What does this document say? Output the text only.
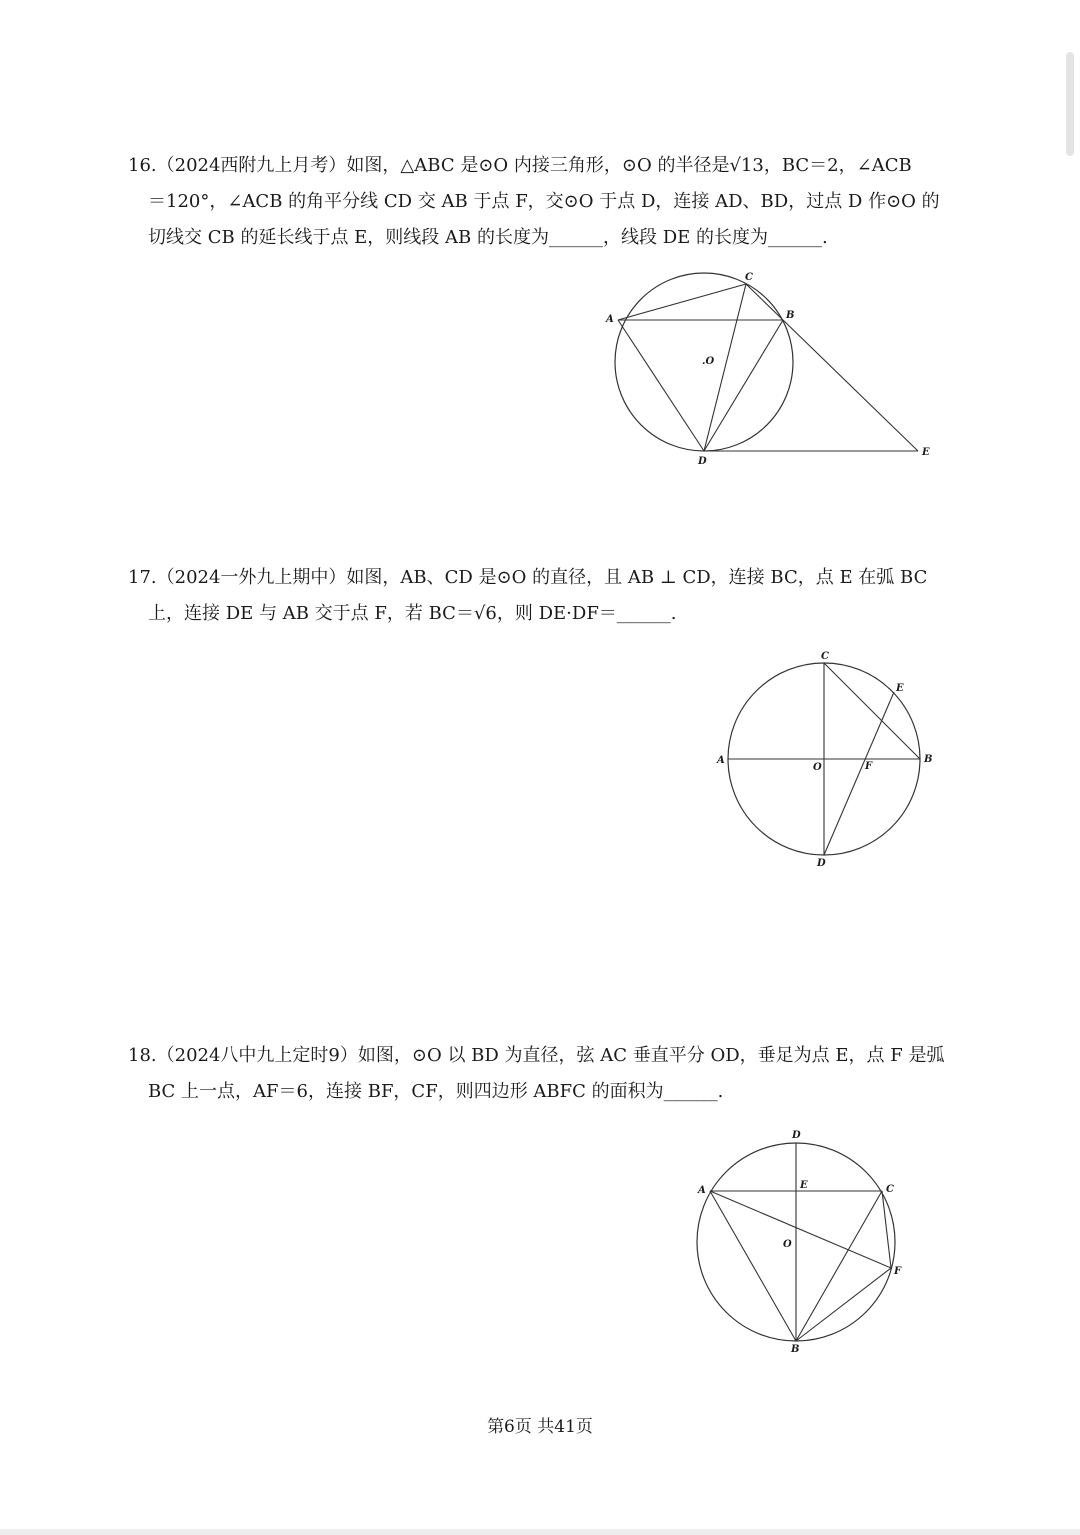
16.（2024西附九上月考）如图，△ABC 是⊙O 内接三角形，⊙O 的半径是√13，BC＝2，∠ACB
＝120°，∠ACB 的角平分线 CD 交 AB 于点 F，交⊙O 于点 D，连接 AD、BD，过点 D 作⊙O 的
切线交 CB 的延长线于点 E，则线段 AB 的长度为______，线段 DE 的长度为______.
A
C
B
.O
D
E
17.（2024一外九上期中）如图，AB、CD 是⊙O 的直径，且 AB ⊥ CD，连接 BC，点 E 在弧 BC
上，连接 DE 与 AB 交于点 F，若 BC＝√6，则 DE·DF＝______.
C
E
A
O	F
B
D
18.（2024八中九上定时9）如图，⊙O 以 BD 为直径，弦 AC 垂直平分 OD，垂足为点 E，点 F 是弧
BC 上一点，AF＝6，连接 BF，CF，则四边形 ABFC 的面积为______.
D
A	E	C
O
F
B
第6页 共41页
